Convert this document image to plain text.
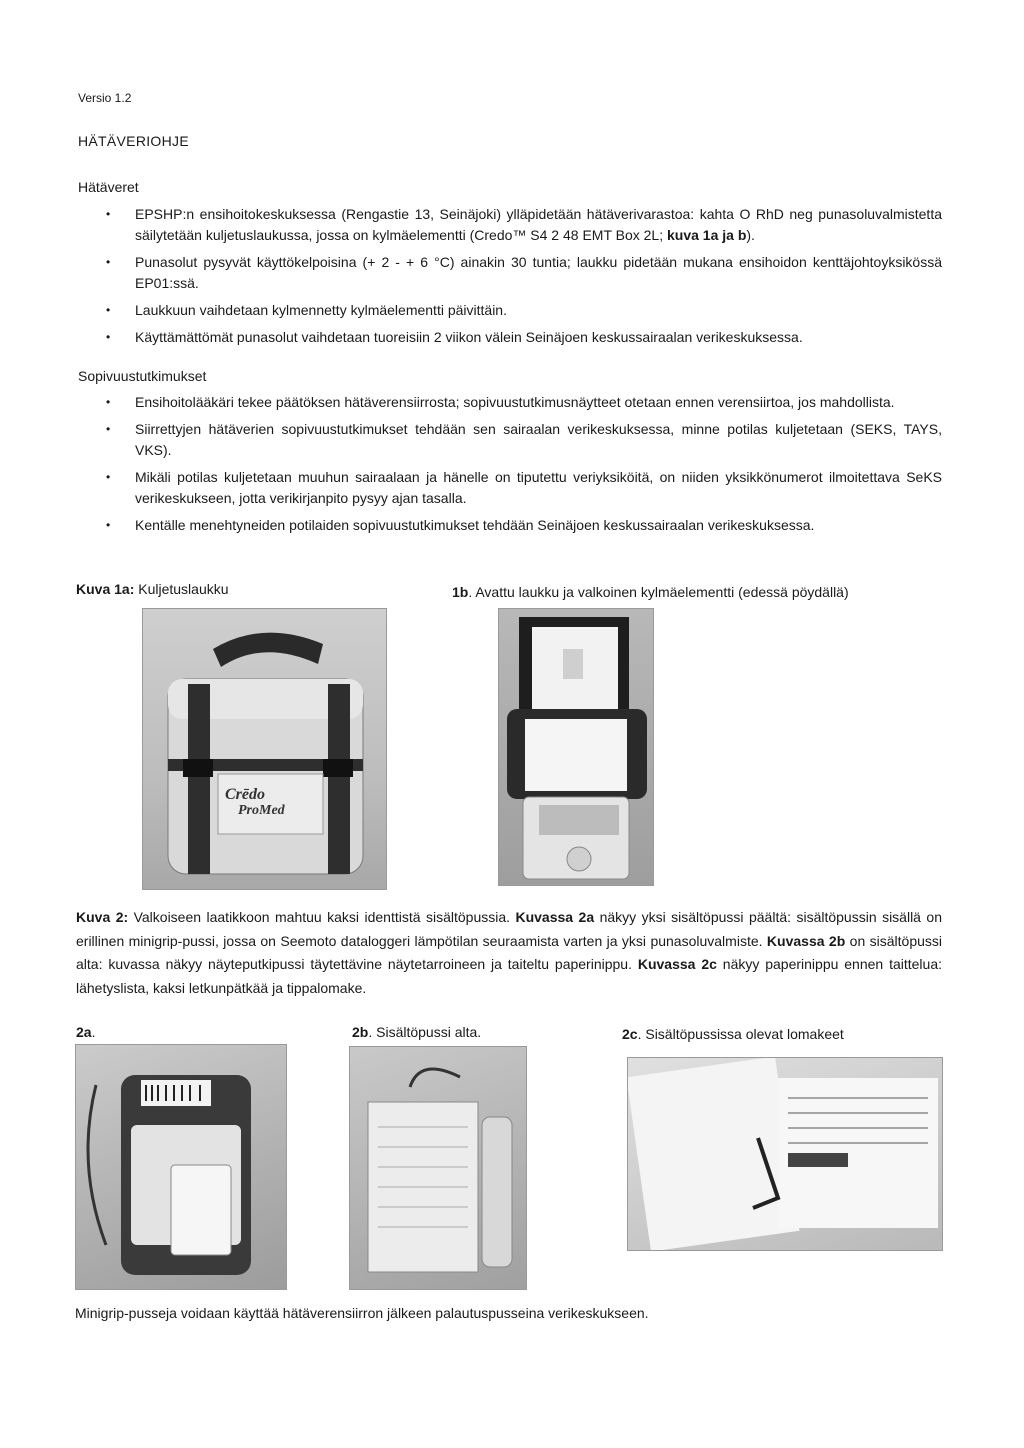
Versio 1.2
HÄTÄVERIOHJE
Hätäveret
• EPSHP:n ensihoitokeskuksessa (Rengastie 13, Seinäjoki) ylläpidetään hätäverivarastoa: kahta O RhD neg punasoluvalmistetta säilytetään kuljetuslaukussa, jossa on kylmäelementti (Credo™ S4 2 48 EMT Box 2L; kuva 1a ja b).
• Punasolut pysyvät käyttökelpoisina (+ 2 - + 6 °C) ainakin 30 tuntia; laukku pidetään mukana ensihoidon kenttäjohtoyksikössä EP01:ssä.
• Laukkuun vaihdetaan kylmennetty kylmäelementti päivittäin.
• Käyttämättömät punasolut vaihdetaan tuoreisiin 2 viikon välein Seinäjoen keskussairaalan verikeskuksessa.
Sopivuustutkimukset
• Ensihoitolääkäri tekee päätöksen hätäverensiirrosta; sopivuustutkimusnäytteet otetaan ennen verensiirtoa, jos mahdollista.
• Siirrettyjen hätäverien sopivuustutkimukset tehdään sen sairaalan verikeskuksessa, minne potilas kuljetetaan (SEKS, TAYS, VKS).
• Mikäli potilas kuljetetaan muuhun sairaalaan ja hänelle on tiputettu veriyksiköitä, on niiden yksikkönumerot ilmoitettava SeKS verikeskukseen, jotta verikirjanpito pysyy ajan tasalla.
• Kentälle menehtyneiden potilaiden sopivuustutkimukset tehdään Seinäjoen keskussairaalan verikeskuksessa.
Kuva 1a: Kuljetuslaukku	1b. Avattu laukku ja valkoinen kylmäelementti (edessä pöydällä)
Crēdo
ProMed
Kuva 2: Valkoiseen laatikkoon mahtuu kaksi identtistä sisältöpussia. Kuvassa 2a näkyy yksi sisältöpussi päältä: sisältöpussin sisällä on erillinen minigrip-pussi, jossa on Seemoto dataloggeri lämpötilan seuraamista varten ja yksi punasoluvalmiste. Kuvassa 2b on sisältöpussi alta: kuvassa näkyy näyteputkipussi täytettävine näytetarroineen ja taiteltu paperinippu. Kuvassa 2c näkyy paperinippu ennen taittelua: lähetyslista, kaksi letkunpätkää ja tippalomake.
2a.	2b. Sisältöpussi alta.	2c. Sisältöpussissa olevat lomakeet
Minigrip-pusseja voidaan käyttää hätäverensiirron jälkeen palautuspusseina verikeskukseen.
